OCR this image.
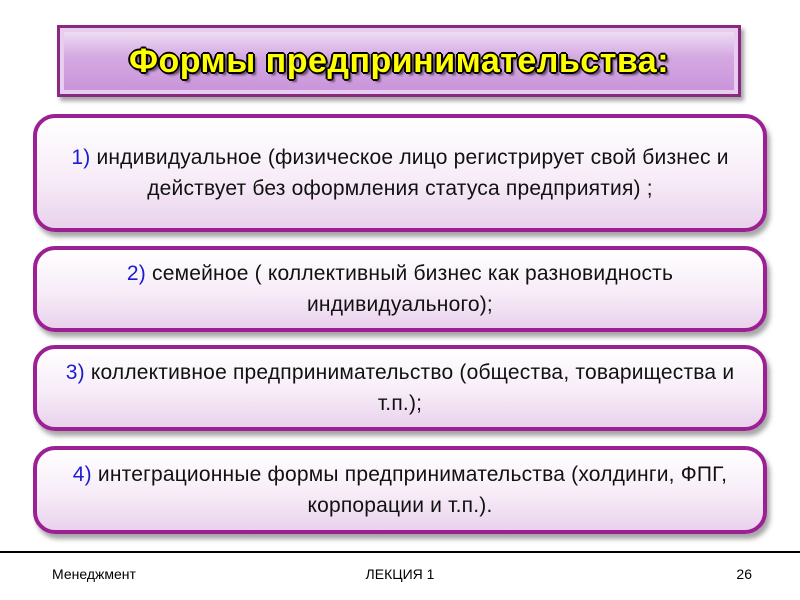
Формы предпринимательства:
1) индивидуальное (физическое лицо регистрирует свой бизнес и действует без оформления статуса предприятия) ;
2) семейное ( коллективный бизнес как разновидность индивидуального);
3) коллективное предпринимательство (общества, товарищества и т.п.);
4) интеграционные формы предпринимательства (холдинги, ФПГ, корпорации и т.п.).
Менеджмент	ЛЕКЦИЯ 1	26
